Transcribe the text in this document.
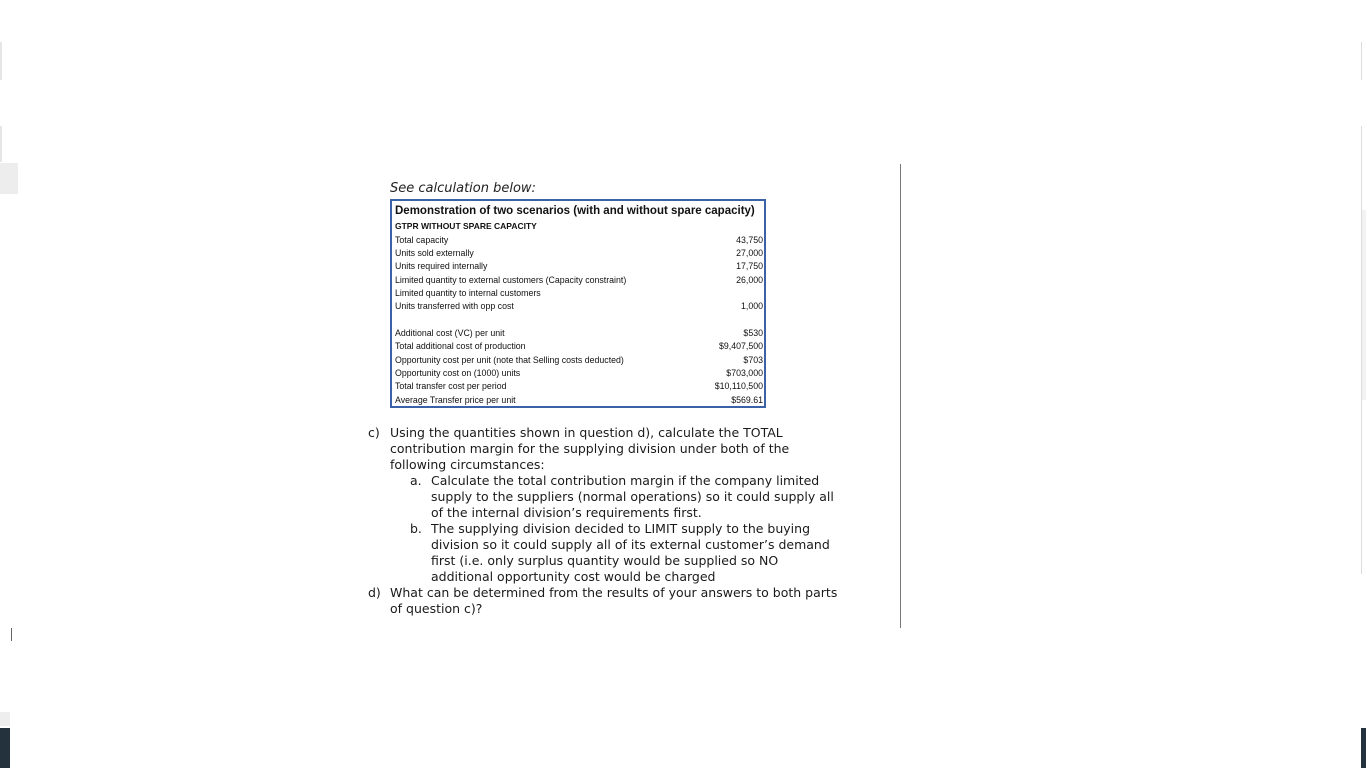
See calculation below:
Demonstration of two scenarios (with and without spare capacity)
GTPR WITHOUT SPARE CAPACITY
Total capacity	43,750
Units sold externally	27,000
Units required internally	17,750
Limited quantity to external customers (Capacity constraint)	26,000
Limited quantity to internal customers
Units transferred with opp cost	1,000
Additional cost (VC) per unit	$530
Total additional cost of production	$9,407,500
Opportunity cost per unit (note that Selling costs deducted)	$703
Opportunity cost on (1000) units	$703,000
Total transfer cost per period	$10,110,500
Average Transfer price per unit	$569.61
c) Using the quantities shown in question d), calculate the TOTAL contribution margin for the supplying division under both of the following circumstances:
a. Calculate the total contribution margin if the company limited supply to the suppliers (normal operations) so it could supply all of the internal division’s requirements first.
b. The supplying division decided to LIMIT supply to the buying division so it could supply all of its external customer’s demand first (i.e. only surplus quantity would be supplied so NO additional opportunity cost would be charged
d) What can be determined from the results of your answers to both parts of question c)?
